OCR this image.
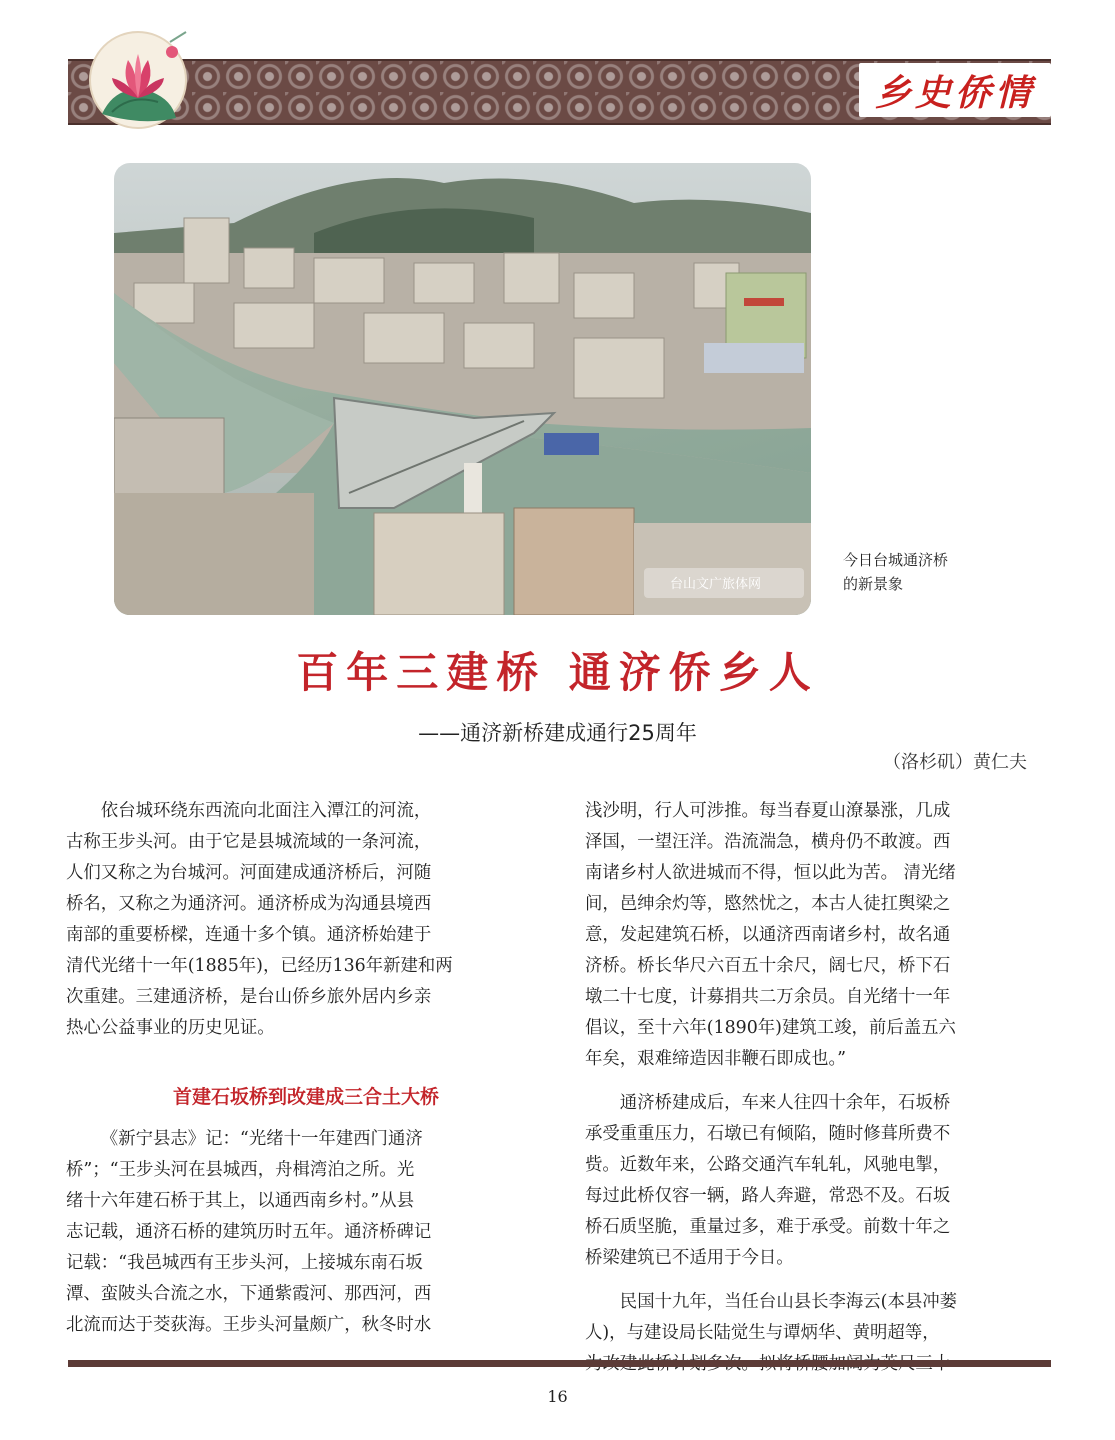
乡史侨情
台山文广旅体网
今日台城通济桥
的新景象
百年三建桥 通济侨乡人
——通济新桥建成通行25周年
（洛杉矶）黄仁夫
依台城环绕东西流向北面注入潭江的河流，
古称王步头河。由于它是县城流域的一条河流，
人们又称之为台城河。河面建成通济桥后，河随
桥名，又称之为通济河。通济桥成为沟通县境西
南部的重要桥樑，连通十多个镇。通济桥始建于
清代光绪十一年(1885年)，已经历136年新建和两
次重建。三建通济桥，是台山侨乡旅外居内乡亲
热心公益事业的历史见证。
首建石坂桥到改建成三合土大桥
《新宁县志》记：“光绪十一年建西门通济
桥”；“王步头河在县城西，舟楫湾泊之所。光
绪十六年建石桥于其上，以通西南乡村。”从县
志记载，通济石桥的建筑历时五年。通济桥碑记
记载：“我邑城西有王步头河，上接城东南石坂
潭、蛮陂头合流之水，下通紫霞河、那西河，西
北流而达于茭荻海。王步头河量颇广，秋冬时水
浅沙明，行人可涉推。每当春夏山潦暴涨，几成
泽国，一望汪洋。浩流湍急，横舟仍不敢渡。西
南诸乡村人欲进城而不得，恒以此为苦。 清光绪
间，邑绅余灼等，愍然忧之，本古人徒扛舆梁之
意，发起建筑石桥，以通济西南诸乡村，故名通
济桥。桥长华尺六百五十余尺，阔七尺，桥下石
墩二十七度，计募捐共二万余员。自光绪十一年
倡议，至十六年(1890年)建筑工竣，前后盖五六
年矣，艰难缔造因非鞭石即成也。”
通济桥建成后，车来人往四十余年，石坂桥
承受重重压力，石墩已有倾陷，随时修葺所费不
赀。近数年来，公路交通汽车轧轧，风驰电掣，
每过此桥仅容一辆，路人奔避，常恐不及。石坂
桥石质坚脆，重量过多，难于承受。前数十年之
桥梁建筑已不适用于今日。
民国十九年，当任台山县长李海云(本县冲蒌
人)，与建设局长陆觉生与谭炳华、黄明超等，
16
